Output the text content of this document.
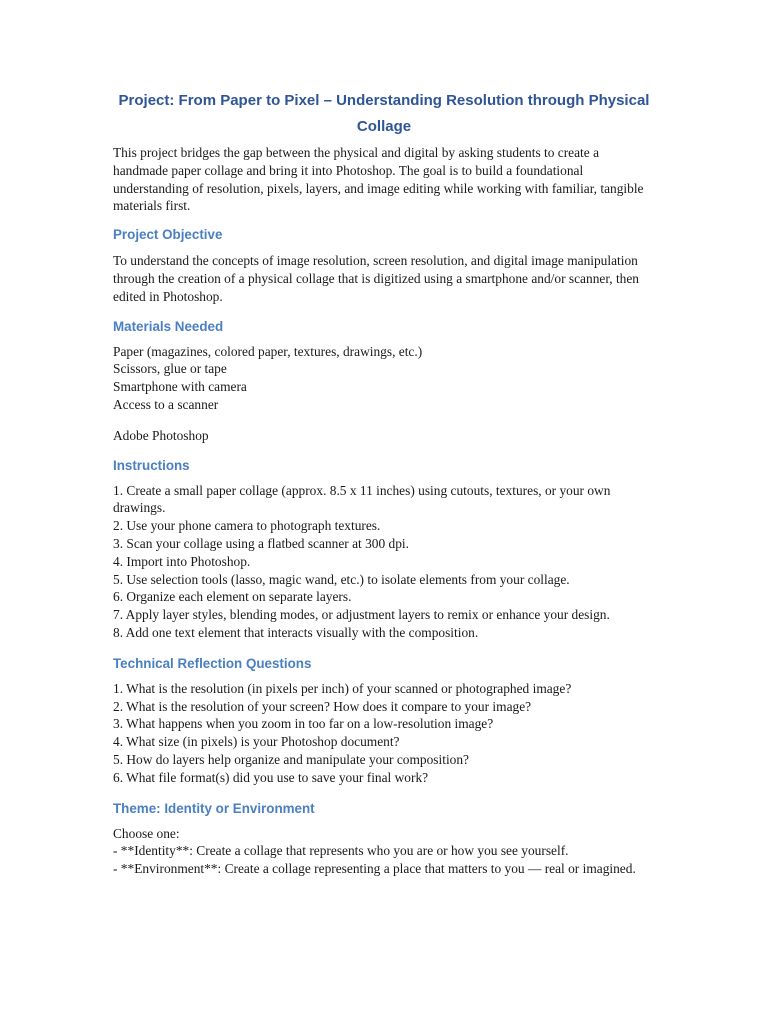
Project: From Paper to Pixel – Understanding Resolution through Physical Collage

This project bridges the gap between the physical and digital by asking students to create a handmade paper collage and bring it into Photoshop. The goal is to build a foundational understanding of resolution, pixels, layers, and image editing while working with familiar, tangible materials first.

Project Objective

To understand the concepts of image resolution, screen resolution, and digital image manipulation through the creation of a physical collage that is digitized using a smartphone and/or scanner, then edited in Photoshop.

Materials Needed
Paper (magazines, colored paper, textures, drawings, etc.)
Scissors, glue or tape
Smartphone with camera
Access to a scanner

Adobe Photoshop

Instructions
1. Create a small paper collage (approx. 8.5 x 11 inches) using cutouts, textures, or your own drawings.
2. Use your phone camera to photograph textures.
3. Scan your collage using a flatbed scanner at 300 dpi.
4. Import into Photoshop.
5. Use selection tools (lasso, magic wand, etc.) to isolate elements from your collage.
6. Organize each element on separate layers.
7. Apply layer styles, blending modes, or adjustment layers to remix or enhance your design.
8. Add one text element that interacts visually with the composition.
Technical Reflection Questions
1. What is the resolution (in pixels per inch) of your scanned or photographed image?
2. What is the resolution of your screen? How does it compare to your image?
3. What happens when you zoom in too far on a low-resolution image?
4. What size (in pixels) is your Photoshop document?
5. How do layers help organize and manipulate your composition?
6. What file format(s) did you use to save your final work?
Theme: Identity or Environment
Choose one:
- **Identity**: Create a collage that represents who you are or how you see yourself.
- **Environment**: Create a collage representing a place that matters to you — real or imagined.
